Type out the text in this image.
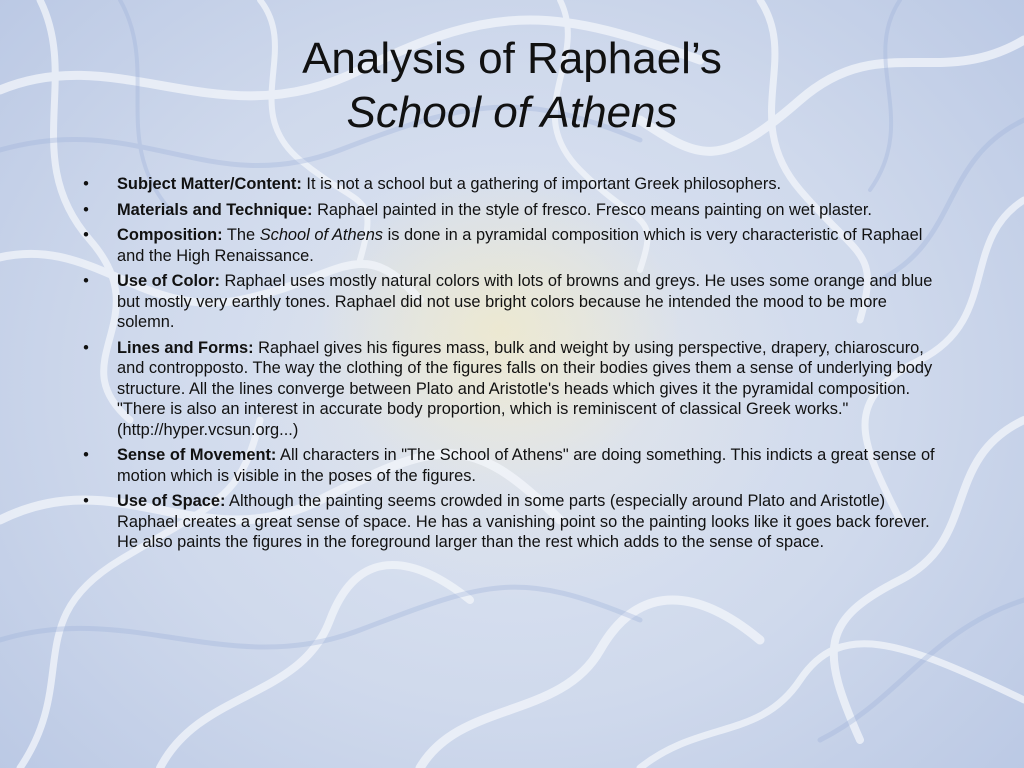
Analysis of Raphael’s
School of Athens
•	Subject Matter/Content: It is not a school but a gathering of important Greek philosophers.
•	Materials and Technique: Raphael painted in the style of fresco. Fresco means painting on wet plaster.
•	Composition: The School of Athens is done in a pyramidal composition which is very characteristic of Raphael and the High Renaissance.
•	Use of Color: Raphael uses mostly natural colors with lots of browns and greys. He uses some orange and blue but mostly very earthly tones. Raphael did not use bright colors because he intended the mood to be more solemn.
•	Lines and Forms: Raphael gives his figures mass, bulk and weight by using perspective, drapery, chiaroscuro, and contropposto. The way the clothing of the figures falls on their bodies gives them a sense of underlying body structure. All the lines converge between Plato and Aristotle's heads which gives it the pyramidal composition. "There is also an interest in accurate body proportion, which is reminiscent of classical Greek works." (http://hyper.vcsun.org...)
•	Sense of Movement: All characters in "The School of Athens" are doing something. This indicts a great sense of motion which is visible in the poses of the figures.
•	Use of Space: Although the painting seems crowded in some parts (especially around Plato and Aristotle) Raphael creates a great sense of space. He has a vanishing point so the painting looks like it goes back forever. He also paints the figures in the foreground larger than the rest which adds to the sense of space.
